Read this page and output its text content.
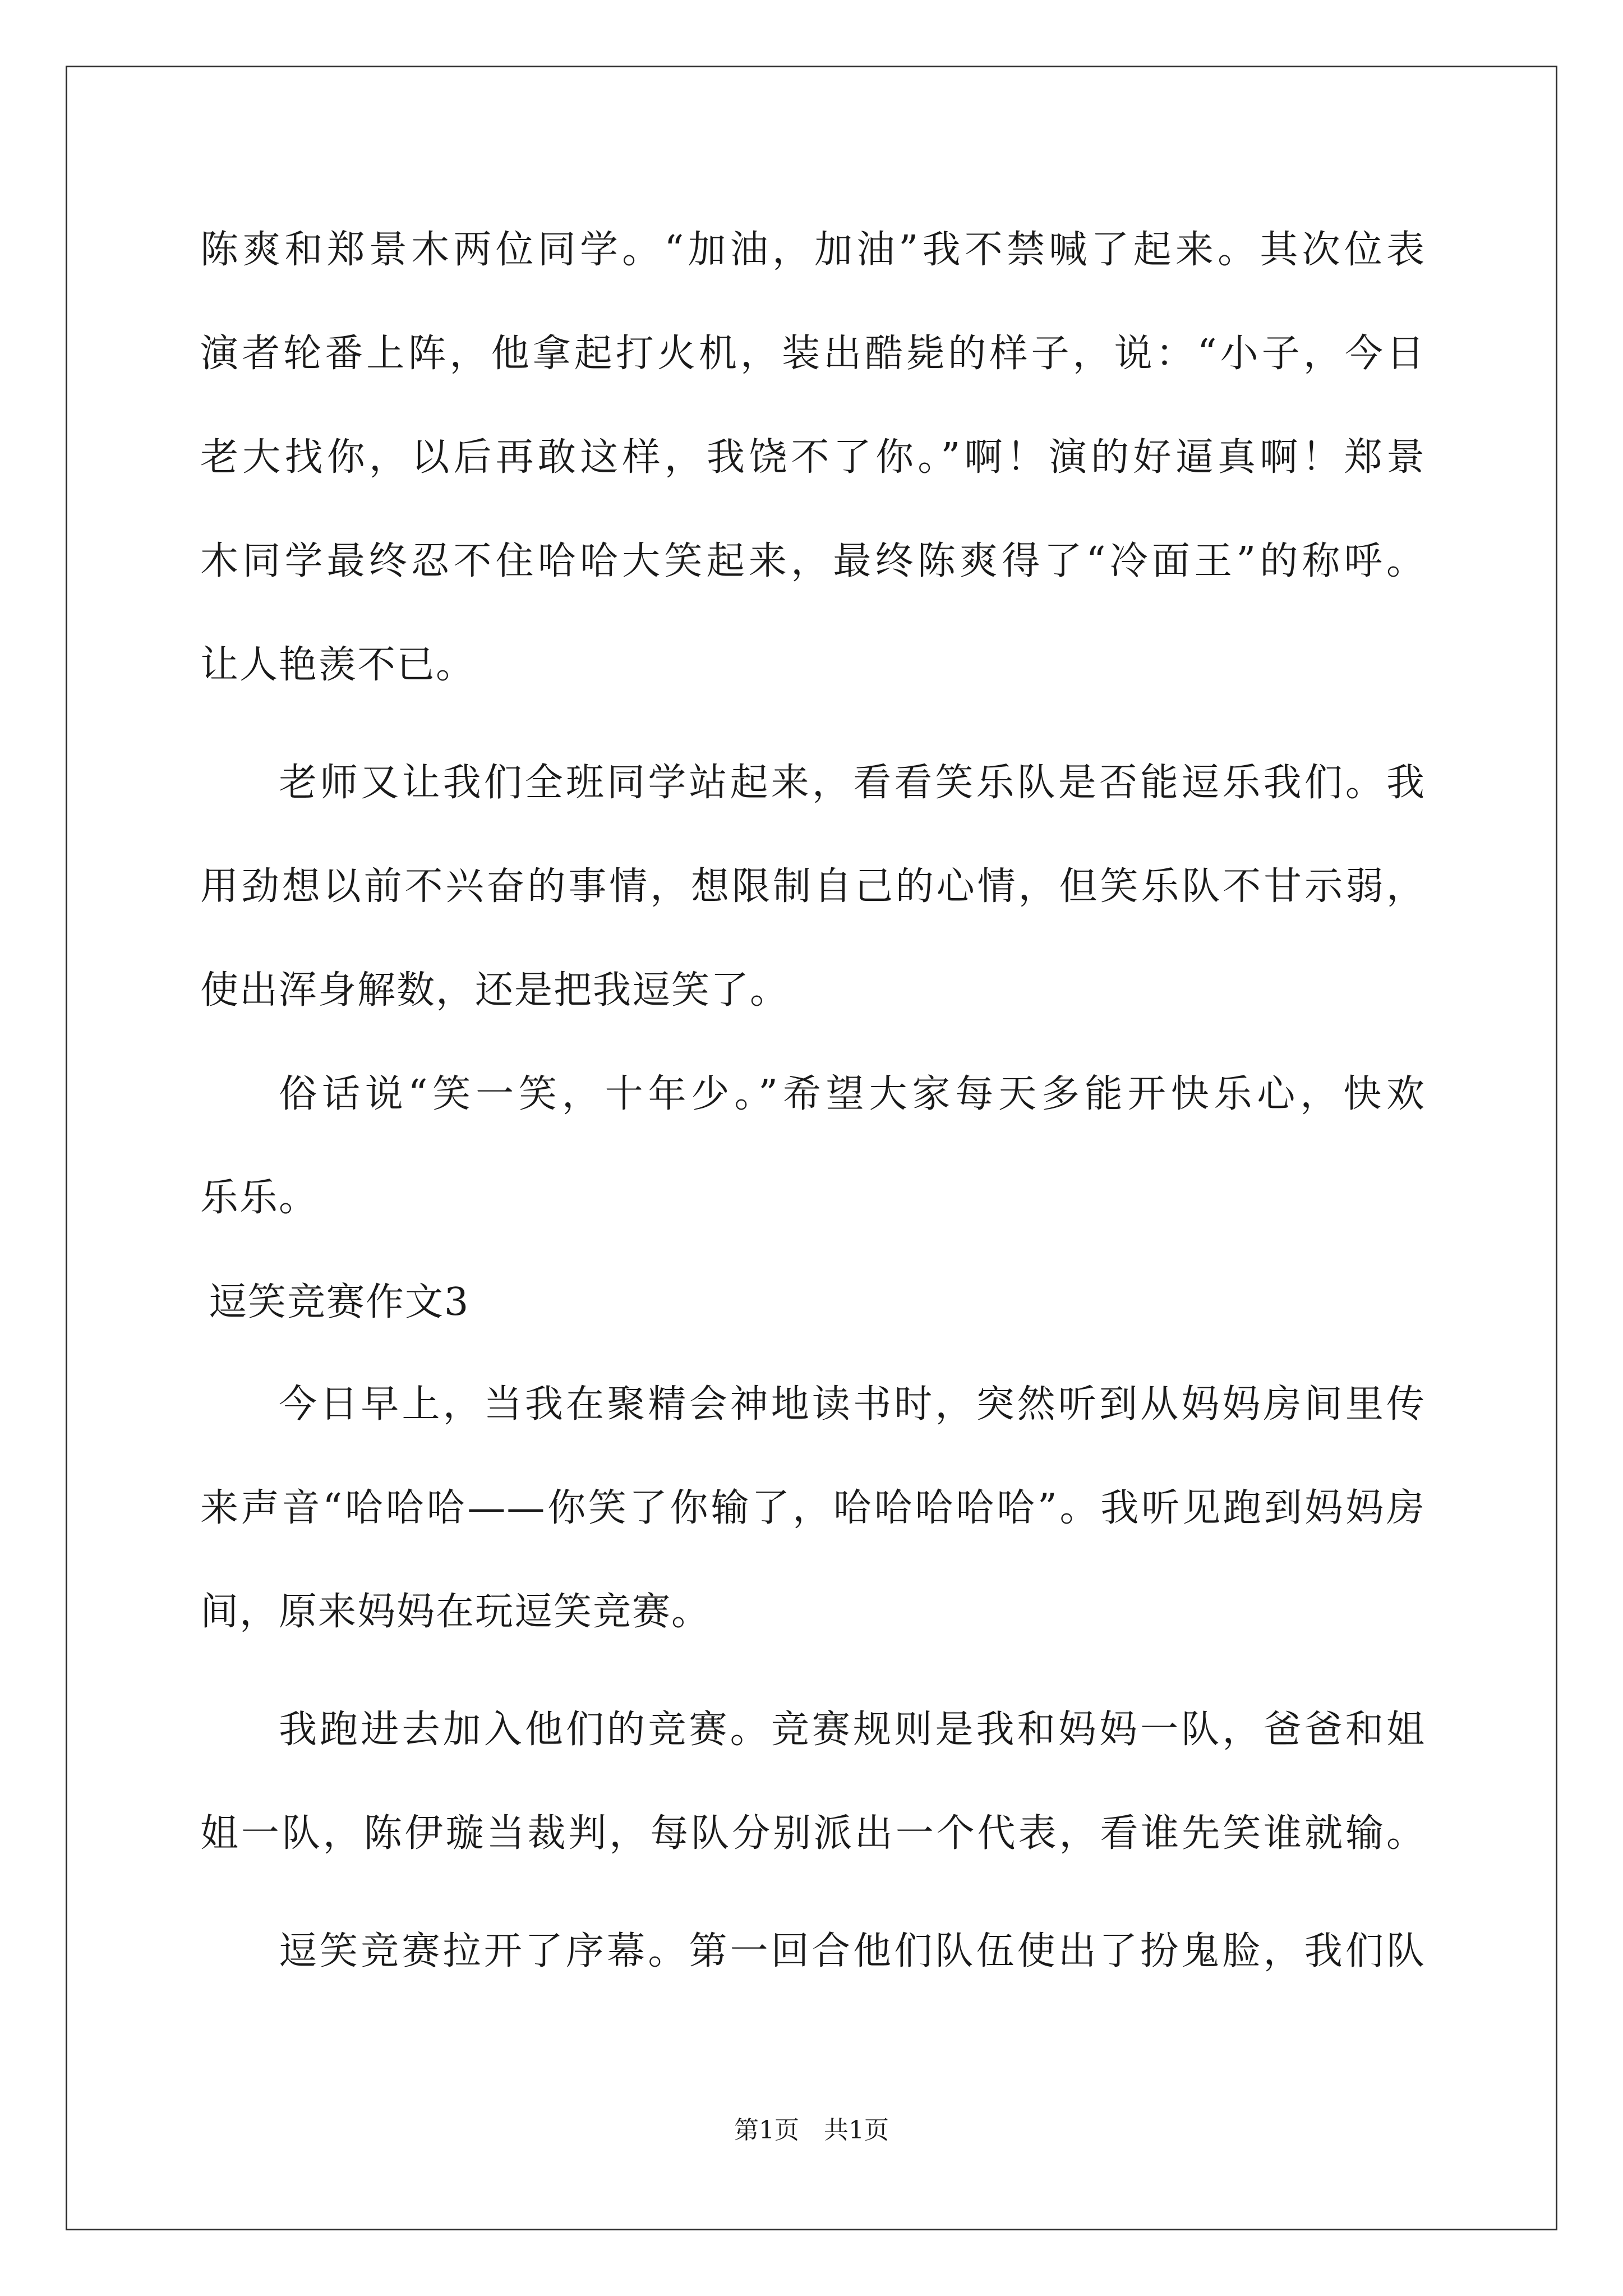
陈爽和郑景木两位同学。“加油，加油”我不禁喊了起来。其次位表
演者轮番上阵，他拿起打火机，装出酷毙的样子，说：“小子，今日
老大找你，以后再敢这样，我饶不了你。”啊！演的好逼真啊！郑景
木同学最终忍不住哈哈大笑起来，最终陈爽得了“冷面王”的称呼。
让人艳羡不已。
老师又让我们全班同学站起来，看看笑乐队是否能逗乐我们。我
用劲想以前不兴奋的事情，想限制自己的心情，但笑乐队不甘示弱，
使出浑身解数，还是把我逗笑了。
俗话说“笑一笑，十年少。”希望大家每天多能开快乐心，快欢
乐乐。
逗笑竞赛作文3
今日早上，当我在聚精会神地读书时，突然听到从妈妈房间里传
来声音“哈哈哈——你笑了你输了，哈哈哈哈哈”。我听见跑到妈妈房
间，原来妈妈在玩逗笑竞赛。
我跑进去加入他们的竞赛。竞赛规则是我和妈妈一队，爸爸和姐
姐一队，陈伊璇当裁判，每队分别派出一个代表，看谁先笑谁就输。
逗笑竞赛拉开了序幕。第一回合他们队伍使出了扮鬼脸，我们队
第1页　共1页
